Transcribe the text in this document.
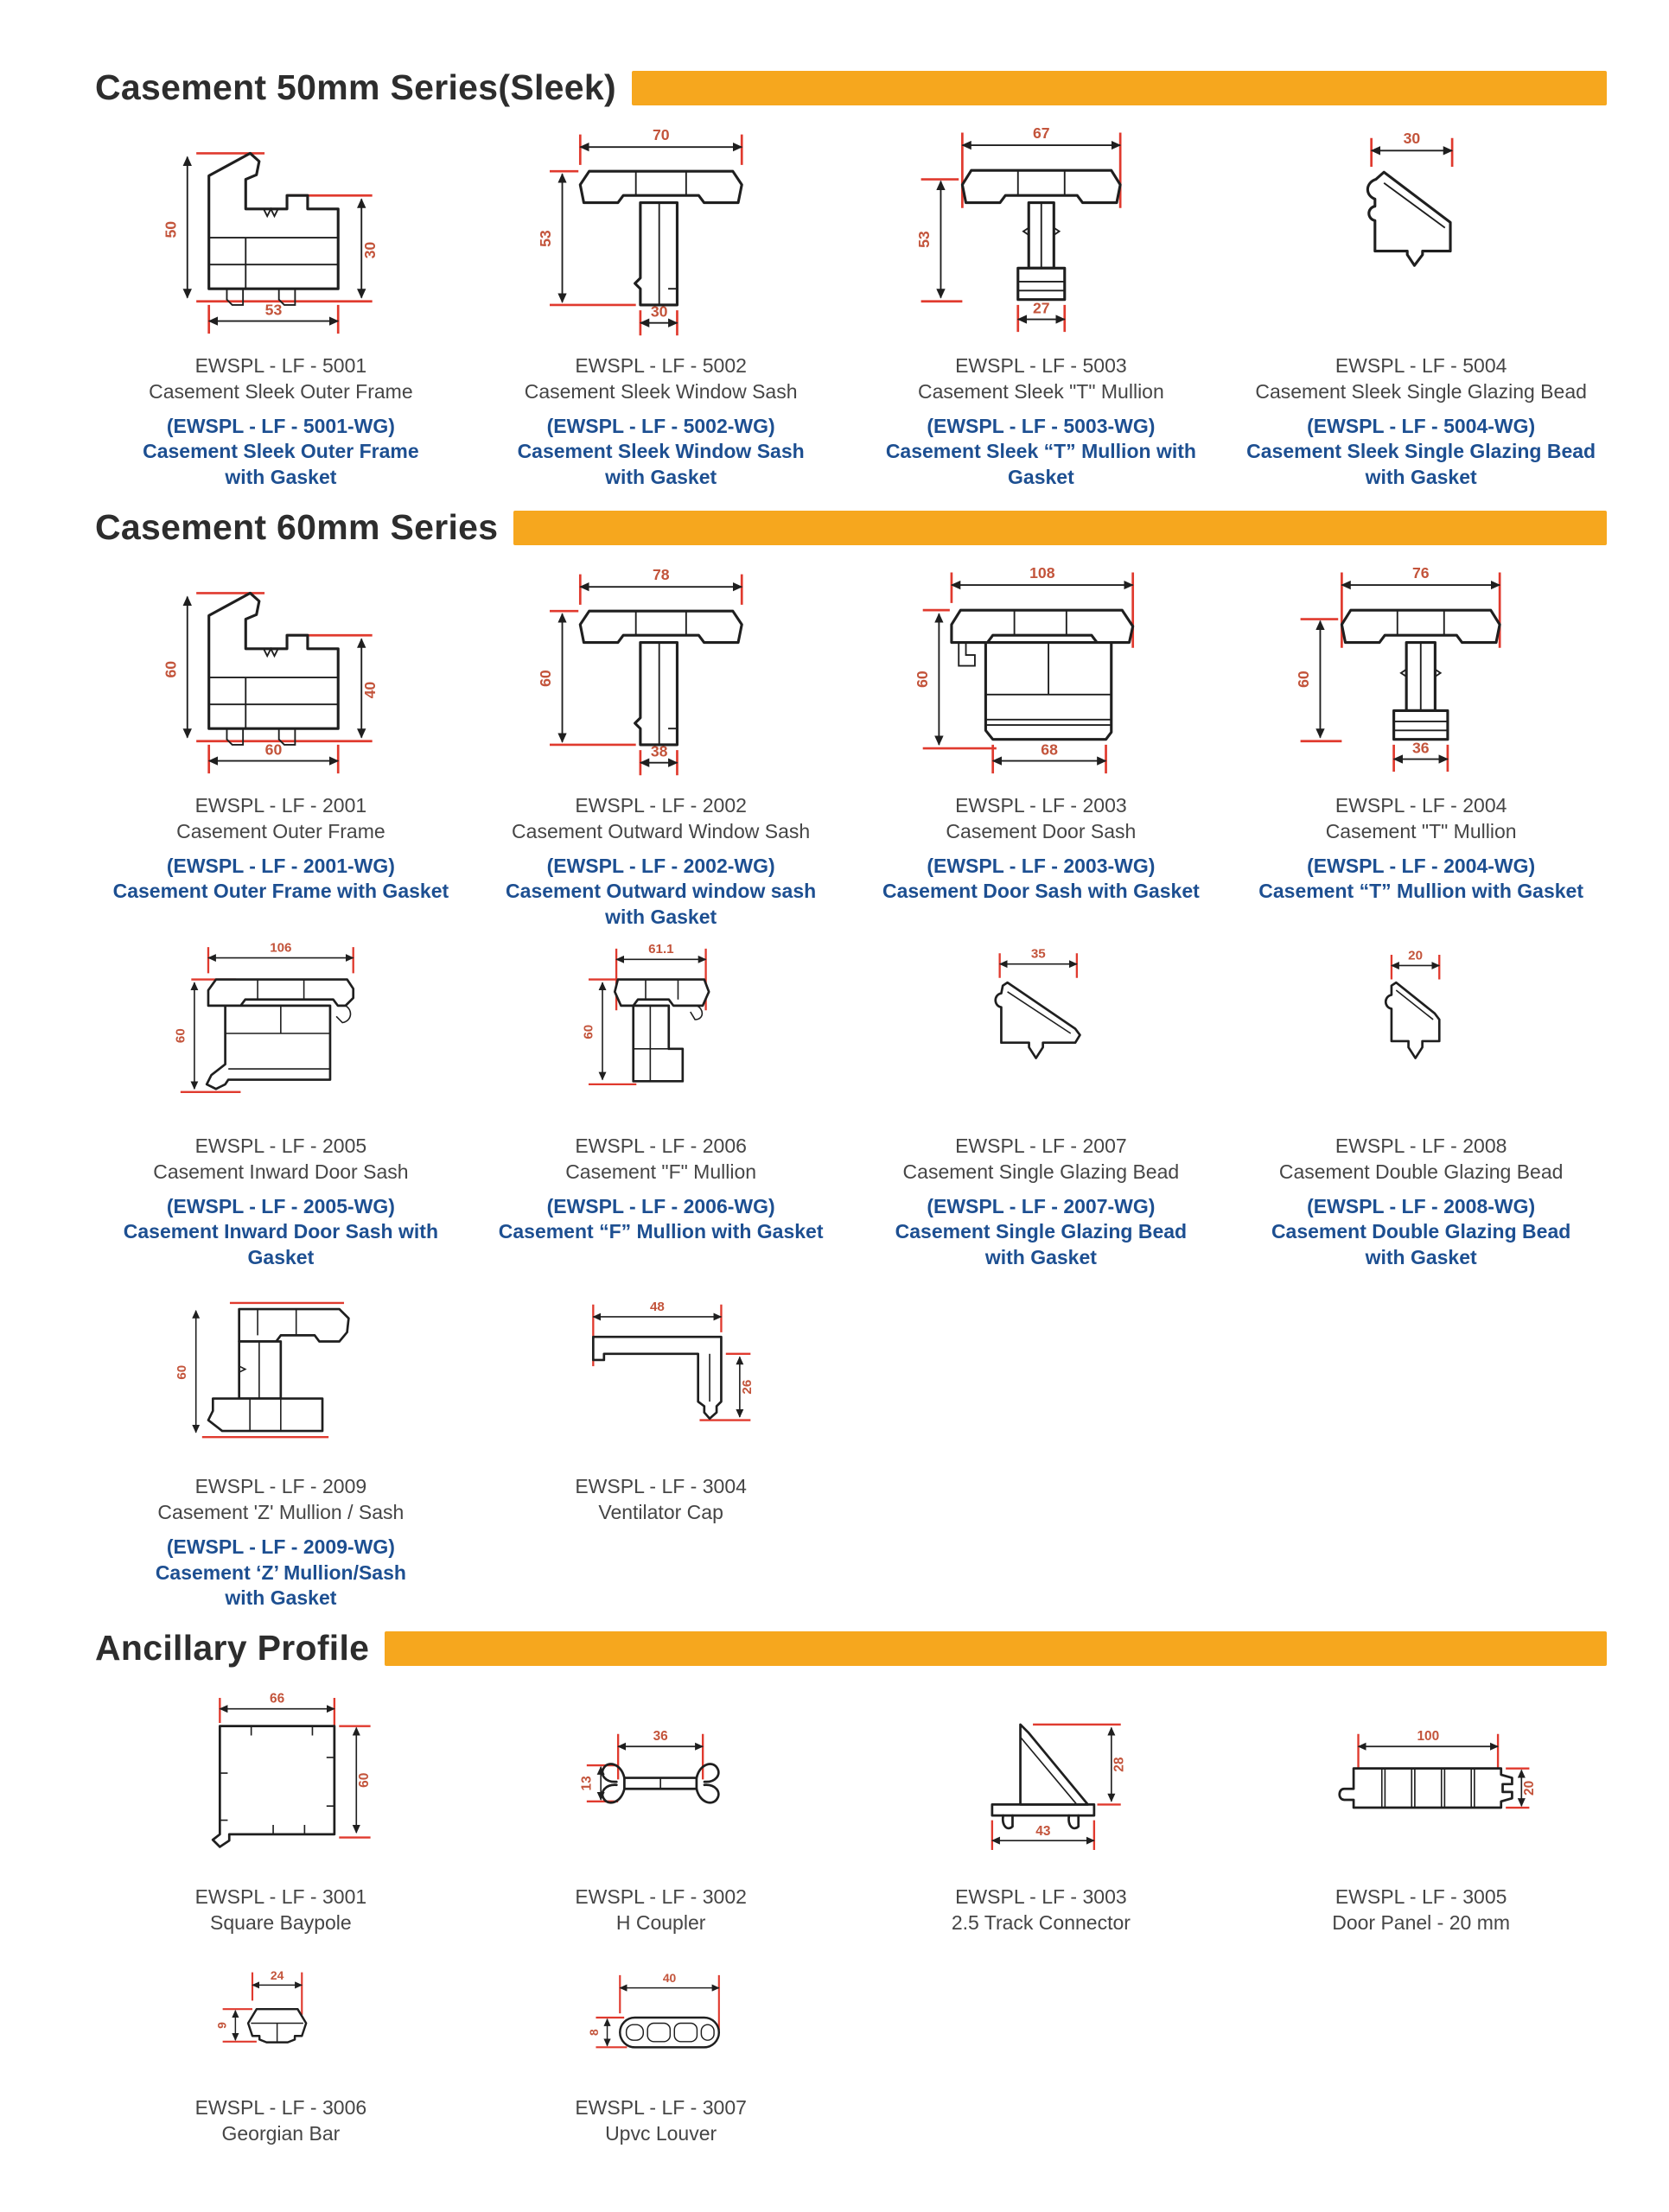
Casement 50mm Series(Sleek)
50
30
53
EWSPL - LF - 5001
Casement Sleek Outer Frame
(EWSPL - LF - 5001-WG)
Casement Sleek Outer Frame
with Gasket
70
53
30
EWSPL - LF - 5002
Casement Sleek Window Sash
(EWSPL - LF - 5002-WG)
Casement Sleek Window Sash
with Gasket
67
53
27
EWSPL - LF - 5003
Casement Sleek "T" Mullion
(EWSPL - LF - 5003-WG)
Casement Sleek “T” Mullion with Gasket
30
EWSPL - LF - 5004
Casement Sleek Single Glazing Bead
(EWSPL - LF - 5004-WG)
Casement Sleek Single Glazing Bead
with Gasket
Casement 60mm Series
60
40
60
EWSPL - LF - 2001
Casement Outer Frame
(EWSPL - LF - 2001-WG)
Casement Outer Frame with Gasket
78
60
38
EWSPL - LF - 2002
Casement Outward Window Sash
(EWSPL - LF - 2002-WG)
Casement Outward window sash
with Gasket
108
60
68
EWSPL - LF - 2003
Casement Door Sash
(EWSPL - LF - 2003-WG)
Casement Door Sash with Gasket
76
60
36
EWSPL - LF - 2004
Casement "T" Mullion
(EWSPL - LF - 2004-WG)
Casement “T” Mullion with Gasket
106
60
EWSPL - LF - 2005
Casement Inward Door Sash
(EWSPL - LF - 2005-WG)
Casement Inward Door Sash with Gasket
61.1
60
EWSPL - LF - 2006
Casement "F" Mullion
(EWSPL - LF - 2006-WG)
Casement “F” Mullion with Gasket
35
EWSPL - LF - 2007
Casement Single Glazing Bead
(EWSPL - LF - 2007-WG)
Casement Single Glazing Bead
with Gasket
20
EWSPL - LF - 2008
Casement Double Glazing Bead
(EWSPL - LF - 2008-WG)
Casement Double Glazing Bead
with Gasket
60
EWSPL - LF - 2009
Casement 'Z' Mullion / Sash
(EWSPL - LF - 2009-WG)
Casement ‘Z’ Mullion/Sash
with Gasket
48
26
EWSPL - LF - 3004
Ventilator Cap
Ancillary Profile
66
60
EWSPL - LF - 3001
Square Baypole
36
13
EWSPL - LF - 3002
H Coupler
28
43
EWSPL - LF - 3003
2.5 Track Connector
100
20
EWSPL - LF - 3005
Door Panel - 20 mm
24
9
EWSPL - LF - 3006
Georgian Bar
40
8
EWSPL - LF - 3007
Upvc Louver
